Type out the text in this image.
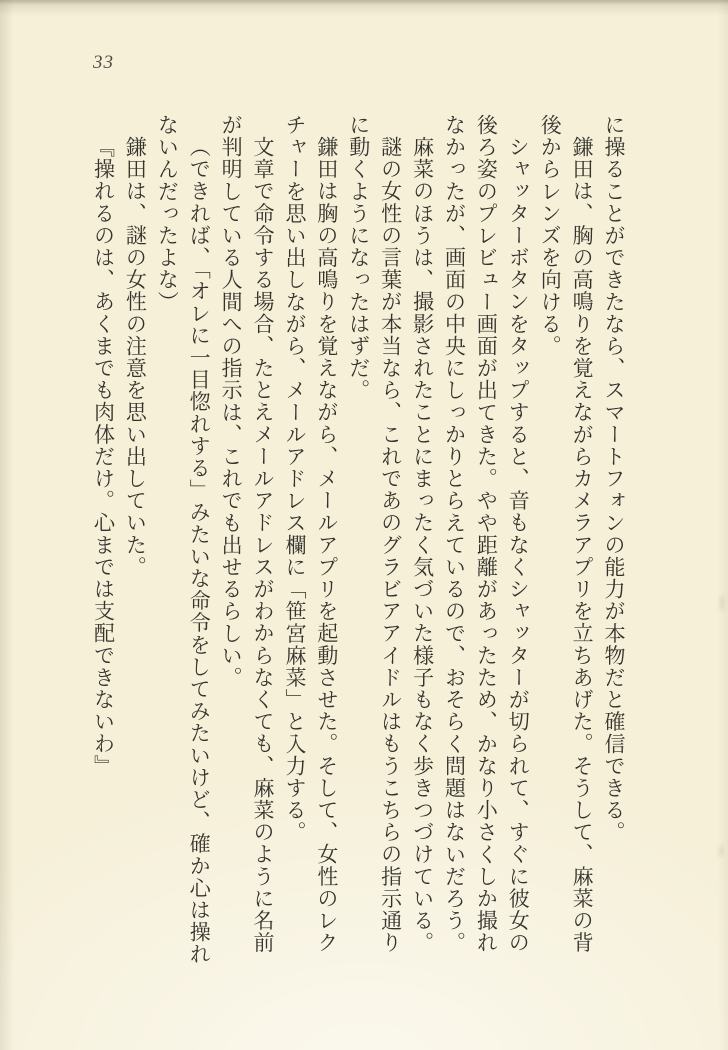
33
に操ることができたなら、スマートフォンの能力が本物だと確信できる。
鎌田は、胸の高鳴りを覚えながらカメラアプリを立ちあげた。そうして、麻菜の背
後からレンズを向ける。
シャッターボタンをタップすると、音もなくシャッターが切られて、すぐに彼女の
後ろ姿のプレビュー画面が出てきた。やや距離があったため、かなり小さくしか撮れ
なかったが、画面の中央にしっかりとらえているので、おそらく問題はないだろう。
麻菜のほうは、撮影されたことにまったく気づいた様子もなく歩きつづけている。
謎の女性の言葉が本当なら、これであのグラビアアイドルはもうこちらの指示通り
に動くようになったはずだ。
鎌田は胸の高鳴りを覚えながら、メールアプリを起動させた。そして、女性のレク
チャーを思い出しながら、メールアドレス欄に「笹宮麻菜」と入力する。
文章で命令する場合、たとえメールアドレスがわからなくても、麻菜のように名前
が判明している人間への指示は、これでも出せるらしい。
（できれば、「オレに一目惚れする」みたいな命令をしてみたいけど、確か心は操れ
ないんだったよな）
鎌田は、謎の女性の注意を思い出していた。
『操れるのは、あくまでも肉体だけ。心までは支配できないわ』
